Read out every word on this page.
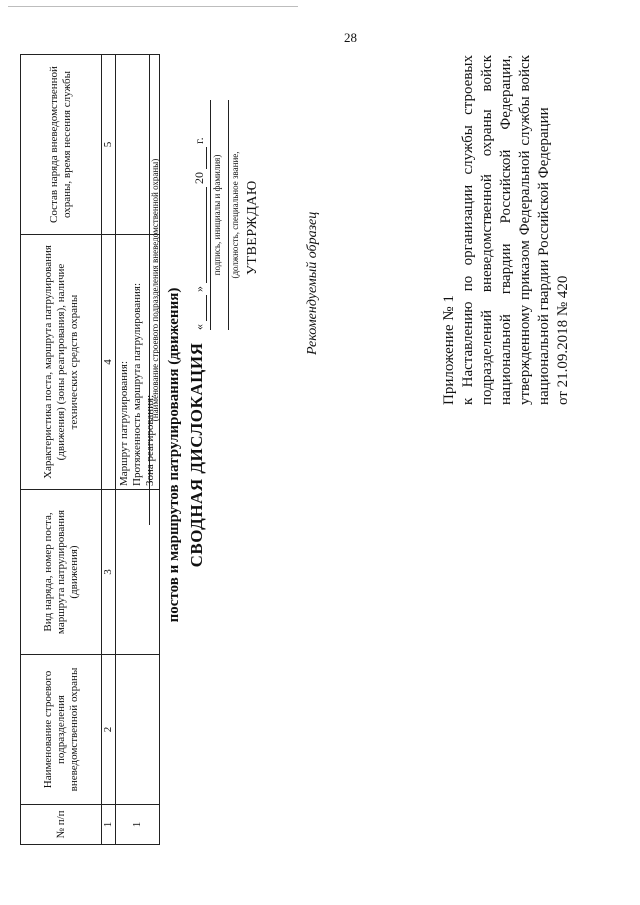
28
Приложение № 1 к Наставлению по организации службы строевых подразделений вневедомственной охраны войск национальной гвардии Российской Федерации, утвержденному приказом Федеральной службы войск национальной гвардии Российской Федерации от 21.09.2018 № 420
Рекомендуемый образец
УТВЕРЖДАЮ
(должность, специальное звание,
подпись, инициалы и фамилия)
«  »  20  г.
СВОДНАЯ ДИСЛОКАЦИЯ
постов и маршрутов патрулирования (движения)
(наименование строевого подразделения вневедомственной охраны)
№ п/п	Наименование строевого подразделения вневедомственной охраны	Вид наряда, номер поста, маршрута патрулирования (движения)	Характеристика поста, маршрута патрулирования (движения) (зоны реагирования), наличие технических средств охраны	Состав наряда вневедомственной охраны, время несения службы
1	2	3	4	5
1			Маршрут патрулирования: Протяженность маршрута патрулирования: Зона реагирования:	
